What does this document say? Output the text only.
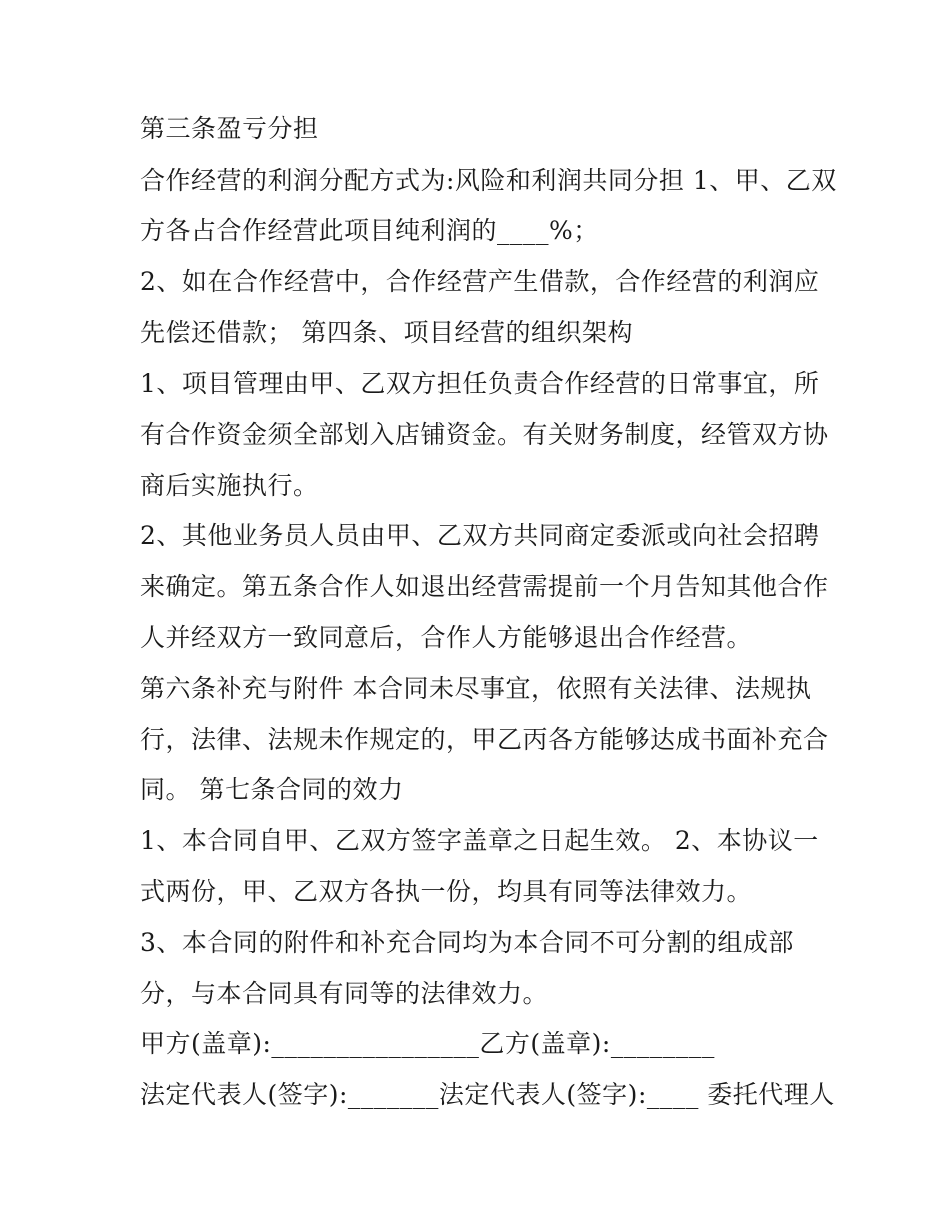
第三条盈亏分担
合作经营的利润分配方式为:风险和利润共同分担 1、甲、乙双
方各占合作经营此项目纯利润的____%；
2、如在合作经营中，合作经营产生借款，合作经营的利润应
先偿还借款； 第四条、项目经营的组织架构
1、项目管理由甲、乙双方担任负责合作经营的日常事宜，所
有合作资金须全部划入店铺资金。有关财务制度，经管双方协
商后实施执行。
2、其他业务员人员由甲、乙双方共同商定委派或向社会招聘
来确定。第五条合作人如退出经营需提前一个月告知其他合作
人并经双方一致同意后，合作人方能够退出合作经营。
第六条补充与附件 本合同未尽事宜，依照有关法律、法规执
行，法律、法规未作规定的，甲乙丙各方能够达成书面补充合
同。 第七条合同的效力
1、本合同自甲、乙双方签字盖章之日起生效。 2、本协议一
式两份，甲、乙双方各执一份，均具有同等法律效力。
3、本合同的附件和补充合同均为本合同不可分割的组成部
分，与本合同具有同等的法律效力。
甲方(盖章):________________乙方(盖章):________
法定代表人(签字):_______法定代表人(签字):____ 委托代理人
